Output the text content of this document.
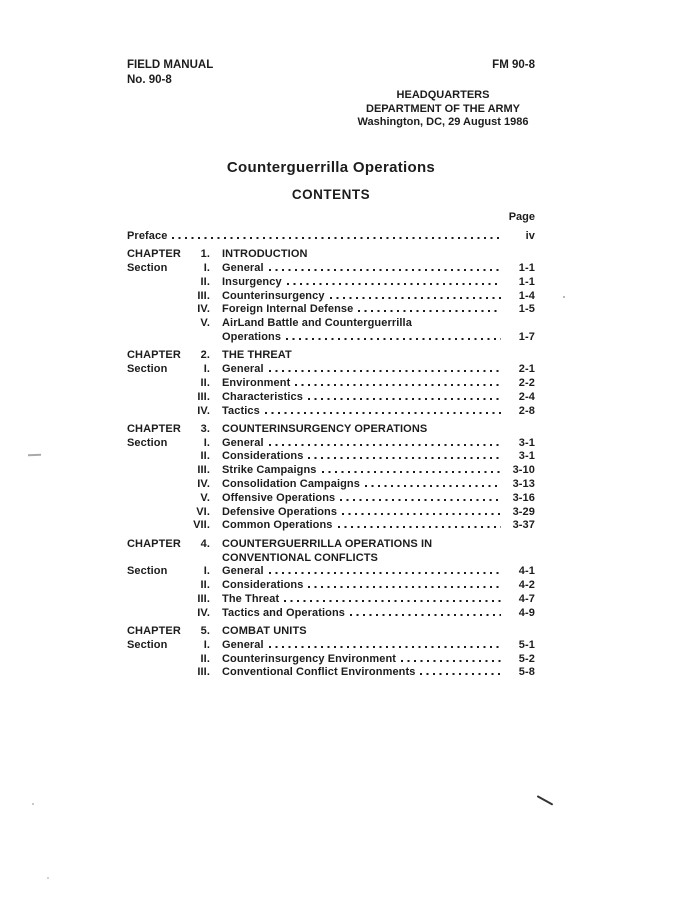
FIELD MANUAL
No. 90-8
FM 90-8
HEADQUARTERS
DEPARTMENT OF THE ARMY
Washington, DC, 29 August 1986
Counterguerrilla Operations
CONTENTS
Page
Preface	iv
CHAPTER	1. INTRODUCTION
Section	I. General	1-1
II. Insurgency	1-1
III. Counterinsurgency	1-4
IV. Foreign Internal Defense	1-5
V. AirLand Battle and Counterguerrilla
Operations	1-7
CHAPTER	2. THE THREAT
Section	I. General	2-1
II. Environment	2-2
III. Characteristics	2-4
IV. Tactics	2-8
CHAPTER	3. COUNTERINSURGENCY OPERATIONS
Section	I. General	3-1
II. Considerations	3-1
III. Strike Campaigns	3-10
IV. Consolidation Campaigns	3-13
V. Offensive Operations	3-16
VI. Defensive Operations	3-29
VII. Common Operations	3-37
CHAPTER	4. COUNTERGUERRILLA OPERATIONS IN
CONVENTIONAL CONFLICTS
Section	I. General	4-1
II. Considerations	4-2
III. The Threat	4-7
IV. Tactics and Operations	4-9
CHAPTER	5. COMBAT UNITS
Section	I. General	5-1
II. Counterinsurgency Environment	5-2
III. Conventional Conflict Environments	5-8
